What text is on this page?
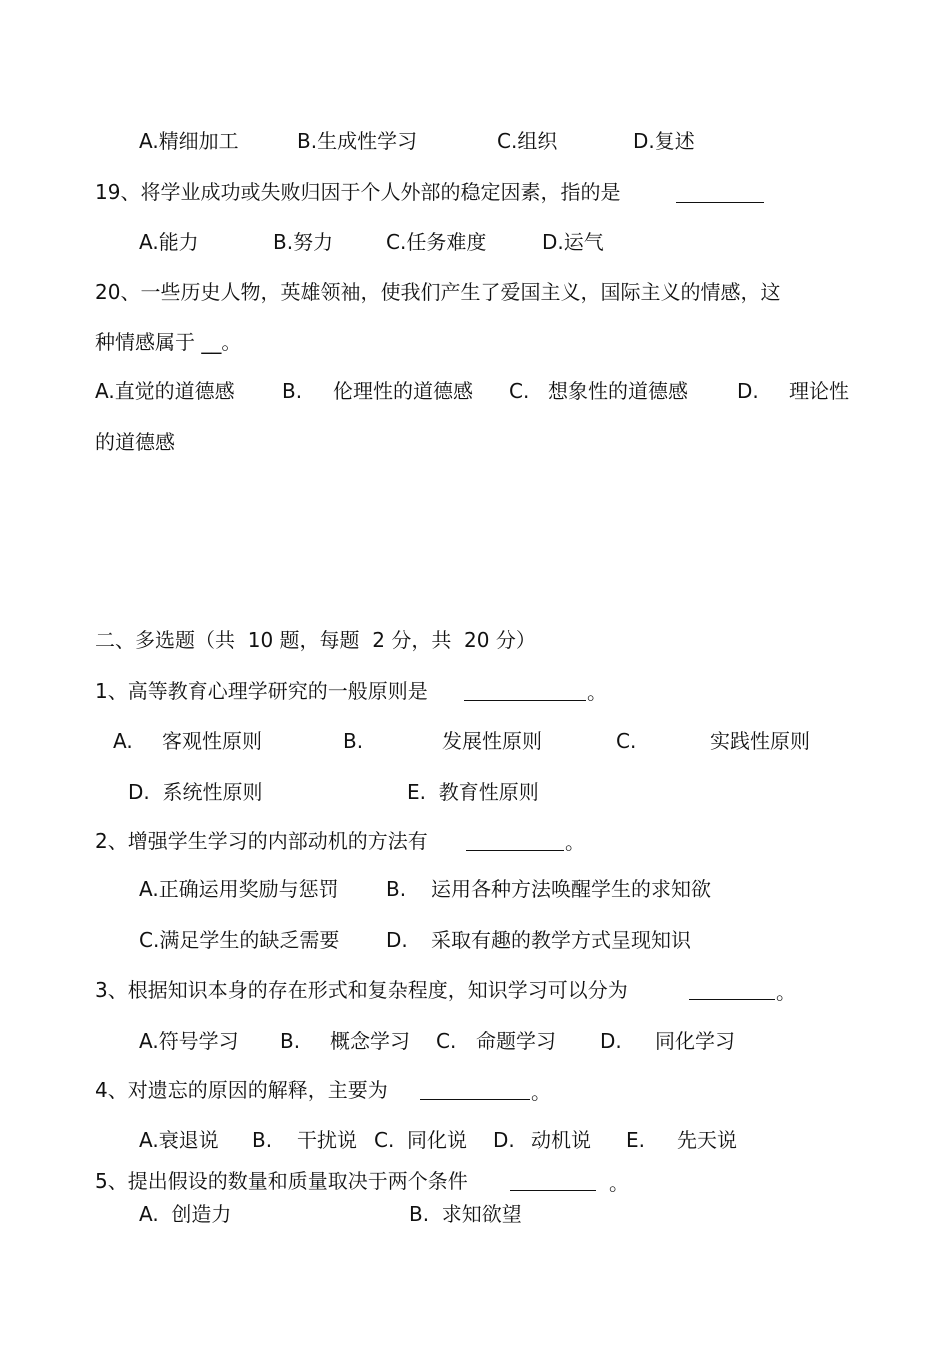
A.精细加工	B.生成性学习	C.组织	D.复述
19、将学业成功或失败归因于个人外部的稳定因素，指的是
A.能力	B.努力	C.任务难度	D.运气
20、一些历史人物，英雄领袖，使我们产生了爱国主义，国际主义的情感，这
种情感属于 __。
A.直觉的道德感 B. 伦理性的道德感 C. 想象性的道德感 D. 理论性
的道德感
二、多选题（共  10 题，每题  2 分，共  20 分）
1、高等教育心理学研究的一般原则是	。
A. 客观性原则	B.	发展性原则	C.	实践性原则
D.  系统性原则	E.  教育性原则
2、增强学生学习的内部动机的方法有	。
A.正确运用奖励与惩罚 B. 运用各种方法唤醒学生的求知欲
C.满足学生的缺乏需要 D. 采取有趣的教学方式呈现知识
3、根据知识本身的存在形式和复杂程度，知识学习可以分为	。
A.符号学习 B. 概念学习 C. 命题学习 D. 同化学习
4、对遗忘的原因的解释，主要为	。
A.衰退说 B. 干扰说 C.  同化说 D. 动机说 E. 先天说
5、提出假设的数量和质量取决于两个条件	。
A.  创造力	B.  求知欲望
